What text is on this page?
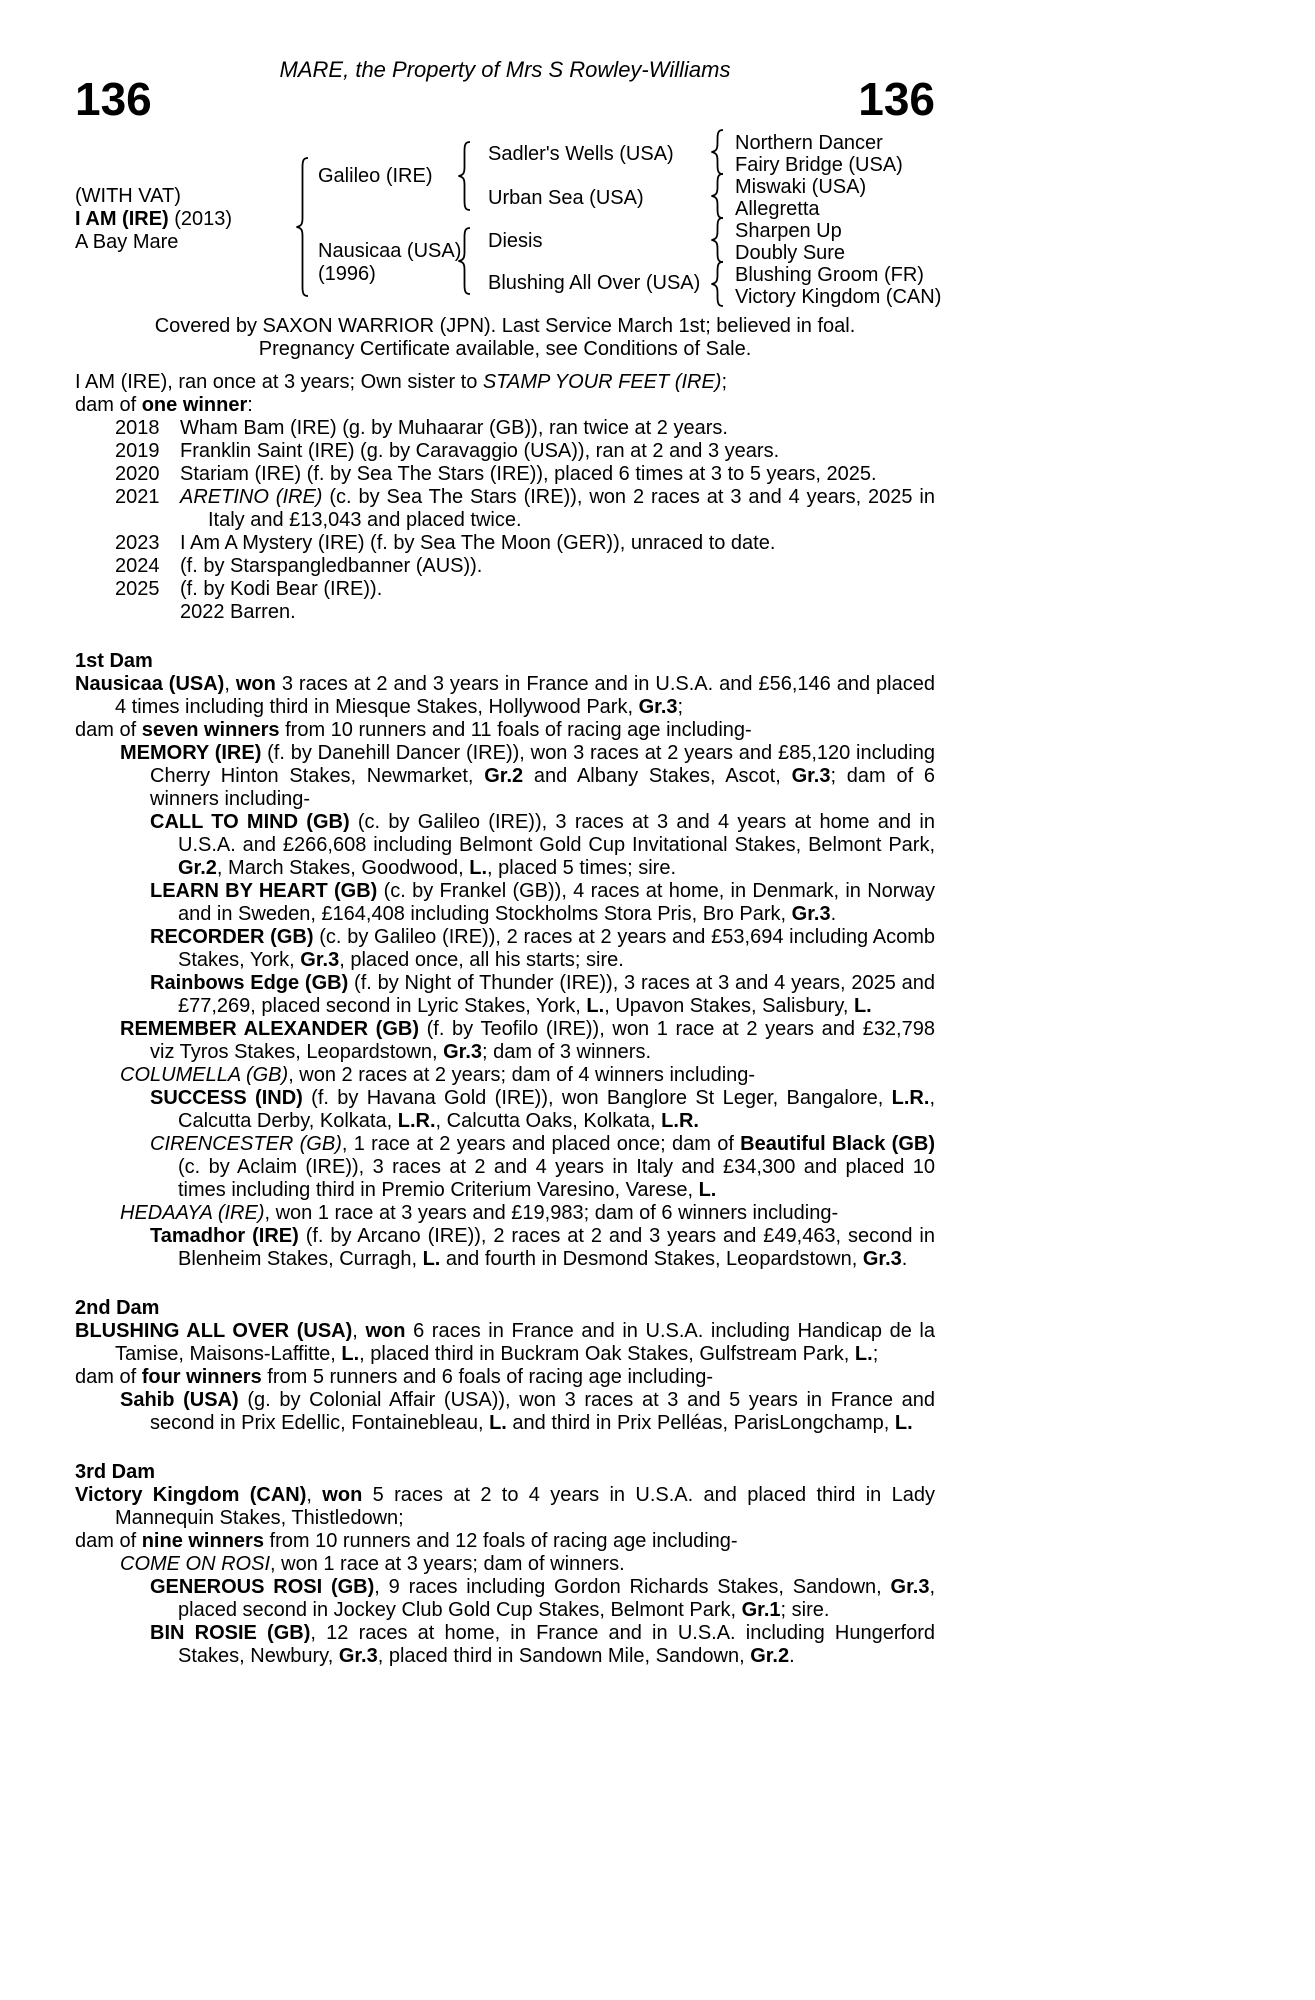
MARE, the Property of Mrs S Rowley-Williams
136	136
(WITH VAT)
I AM (IRE) (2013)
A Bay Mare
Galileo (IRE)
Nausicaa (USA)
(1996)
Sadler's Wells (USA)
Urban Sea (USA)
Diesis
Blushing All Over (USA)
Northern Dancer
Fairy Bridge (USA)
Miswaki (USA)
Allegretta
Sharpen Up
Doubly Sure
Blushing Groom (FR)
Victory Kingdom (CAN)
Covered by SAXON WARRIOR (JPN). Last Service March 1st; believed in foal.
Pregnancy Certificate available, see Conditions of Sale.
I AM (IRE), ran once at 3 years; Own sister to STAMP YOUR FEET (IRE);
dam of one winner:
2018 Wham Bam (IRE) (g. by Muhaarar (GB)), ran twice at 2 years.
2019 Franklin Saint (IRE) (g. by Caravaggio (USA)), ran at 2 and 3 years.
2020 Stariam (IRE) (f. by Sea The Stars (IRE)), placed 6 times at 3 to 5 years, 2025.
2021 ARETINO (IRE) (c. by Sea The Stars (IRE)), won 2 races at 3 and 4 years, 2025 in Italy and £13,043 and placed twice.
2023 I Am A Mystery (IRE) (f. by Sea The Moon (GER)), unraced to date.
2024 (f. by Starspangledbanner (AUS)).
2025 (f. by Kodi Bear (IRE)).
2022 Barren.
1st Dam
Nausicaa (USA), won 3 races at 2 and 3 years in France and in U.S.A. and £56,146 and placed 4 times including third in Miesque Stakes, Hollywood Park, Gr.3;
dam of seven winners from 10 runners and 11 foals of racing age including-
MEMORY (IRE) (f. by Danehill Dancer (IRE)), won 3 races at 2 years and £85,120 including Cherry Hinton Stakes, Newmarket, Gr.2 and Albany Stakes, Ascot, Gr.3; dam of 6 winners including-
CALL TO MIND (GB) (c. by Galileo (IRE)), 3 races at 3 and 4 years at home and in U.S.A. and £266,608 including Belmont Gold Cup Invitational Stakes, Belmont Park, Gr.2, March Stakes, Goodwood, L., placed 5 times; sire.
LEARN BY HEART (GB) (c. by Frankel (GB)), 4 races at home, in Denmark, in Norway and in Sweden, £164,408 including Stockholms Stora Pris, Bro Park, Gr.3.
RECORDER (GB) (c. by Galileo (IRE)), 2 races at 2 years and £53,694 including Acomb Stakes, York, Gr.3, placed once, all his starts; sire.
Rainbows Edge (GB) (f. by Night of Thunder (IRE)), 3 races at 3 and 4 years, 2025 and £77,269, placed second in Lyric Stakes, York, L., Upavon Stakes, Salisbury, L.
REMEMBER ALEXANDER (GB) (f. by Teofilo (IRE)), won 1 race at 2 years and £32,798 viz Tyros Stakes, Leopardstown, Gr.3; dam of 3 winners.
COLUMELLA (GB), won 2 races at 2 years; dam of 4 winners including-
SUCCESS (IND) (f. by Havana Gold (IRE)), won Banglore St Leger, Bangalore, L.R., Calcutta Derby, Kolkata, L.R., Calcutta Oaks, Kolkata, L.R.
CIRENCESTER (GB), 1 race at 2 years and placed once; dam of Beautiful Black (GB) (c. by Aclaim (IRE)), 3 races at 2 and 4 years in Italy and £34,300 and placed 10 times including third in Premio Criterium Varesino, Varese, L.
HEDAAYA (IRE), won 1 race at 3 years and £19,983; dam of 6 winners including-
Tamadhor (IRE) (f. by Arcano (IRE)), 2 races at 2 and 3 years and £49,463, second in Blenheim Stakes, Curragh, L. and fourth in Desmond Stakes, Leopardstown, Gr.3.
2nd Dam
BLUSHING ALL OVER (USA), won 6 races in France and in U.S.A. including Handicap de la Tamise, Maisons-Laffitte, L., placed third in Buckram Oak Stakes, Gulfstream Park, L.;
dam of four winners from 5 runners and 6 foals of racing age including-
Sahib (USA) (g. by Colonial Affair (USA)), won 3 races at 3 and 5 years in France and second in Prix Edellic, Fontainebleau, L. and third in Prix Pelléas, ParisLongchamp, L.
3rd Dam
Victory Kingdom (CAN), won 5 races at 2 to 4 years in U.S.A. and placed third in Lady Mannequin Stakes, Thistledown;
dam of nine winners from 10 runners and 12 foals of racing age including-
COME ON ROSI, won 1 race at 3 years; dam of winners.
GENEROUS ROSI (GB), 9 races including Gordon Richards Stakes, Sandown, Gr.3, placed second in Jockey Club Gold Cup Stakes, Belmont Park, Gr.1; sire.
BIN ROSIE (GB), 12 races at home, in France and in U.S.A. including Hungerford Stakes, Newbury, Gr.3, placed third in Sandown Mile, Sandown, Gr.2.
